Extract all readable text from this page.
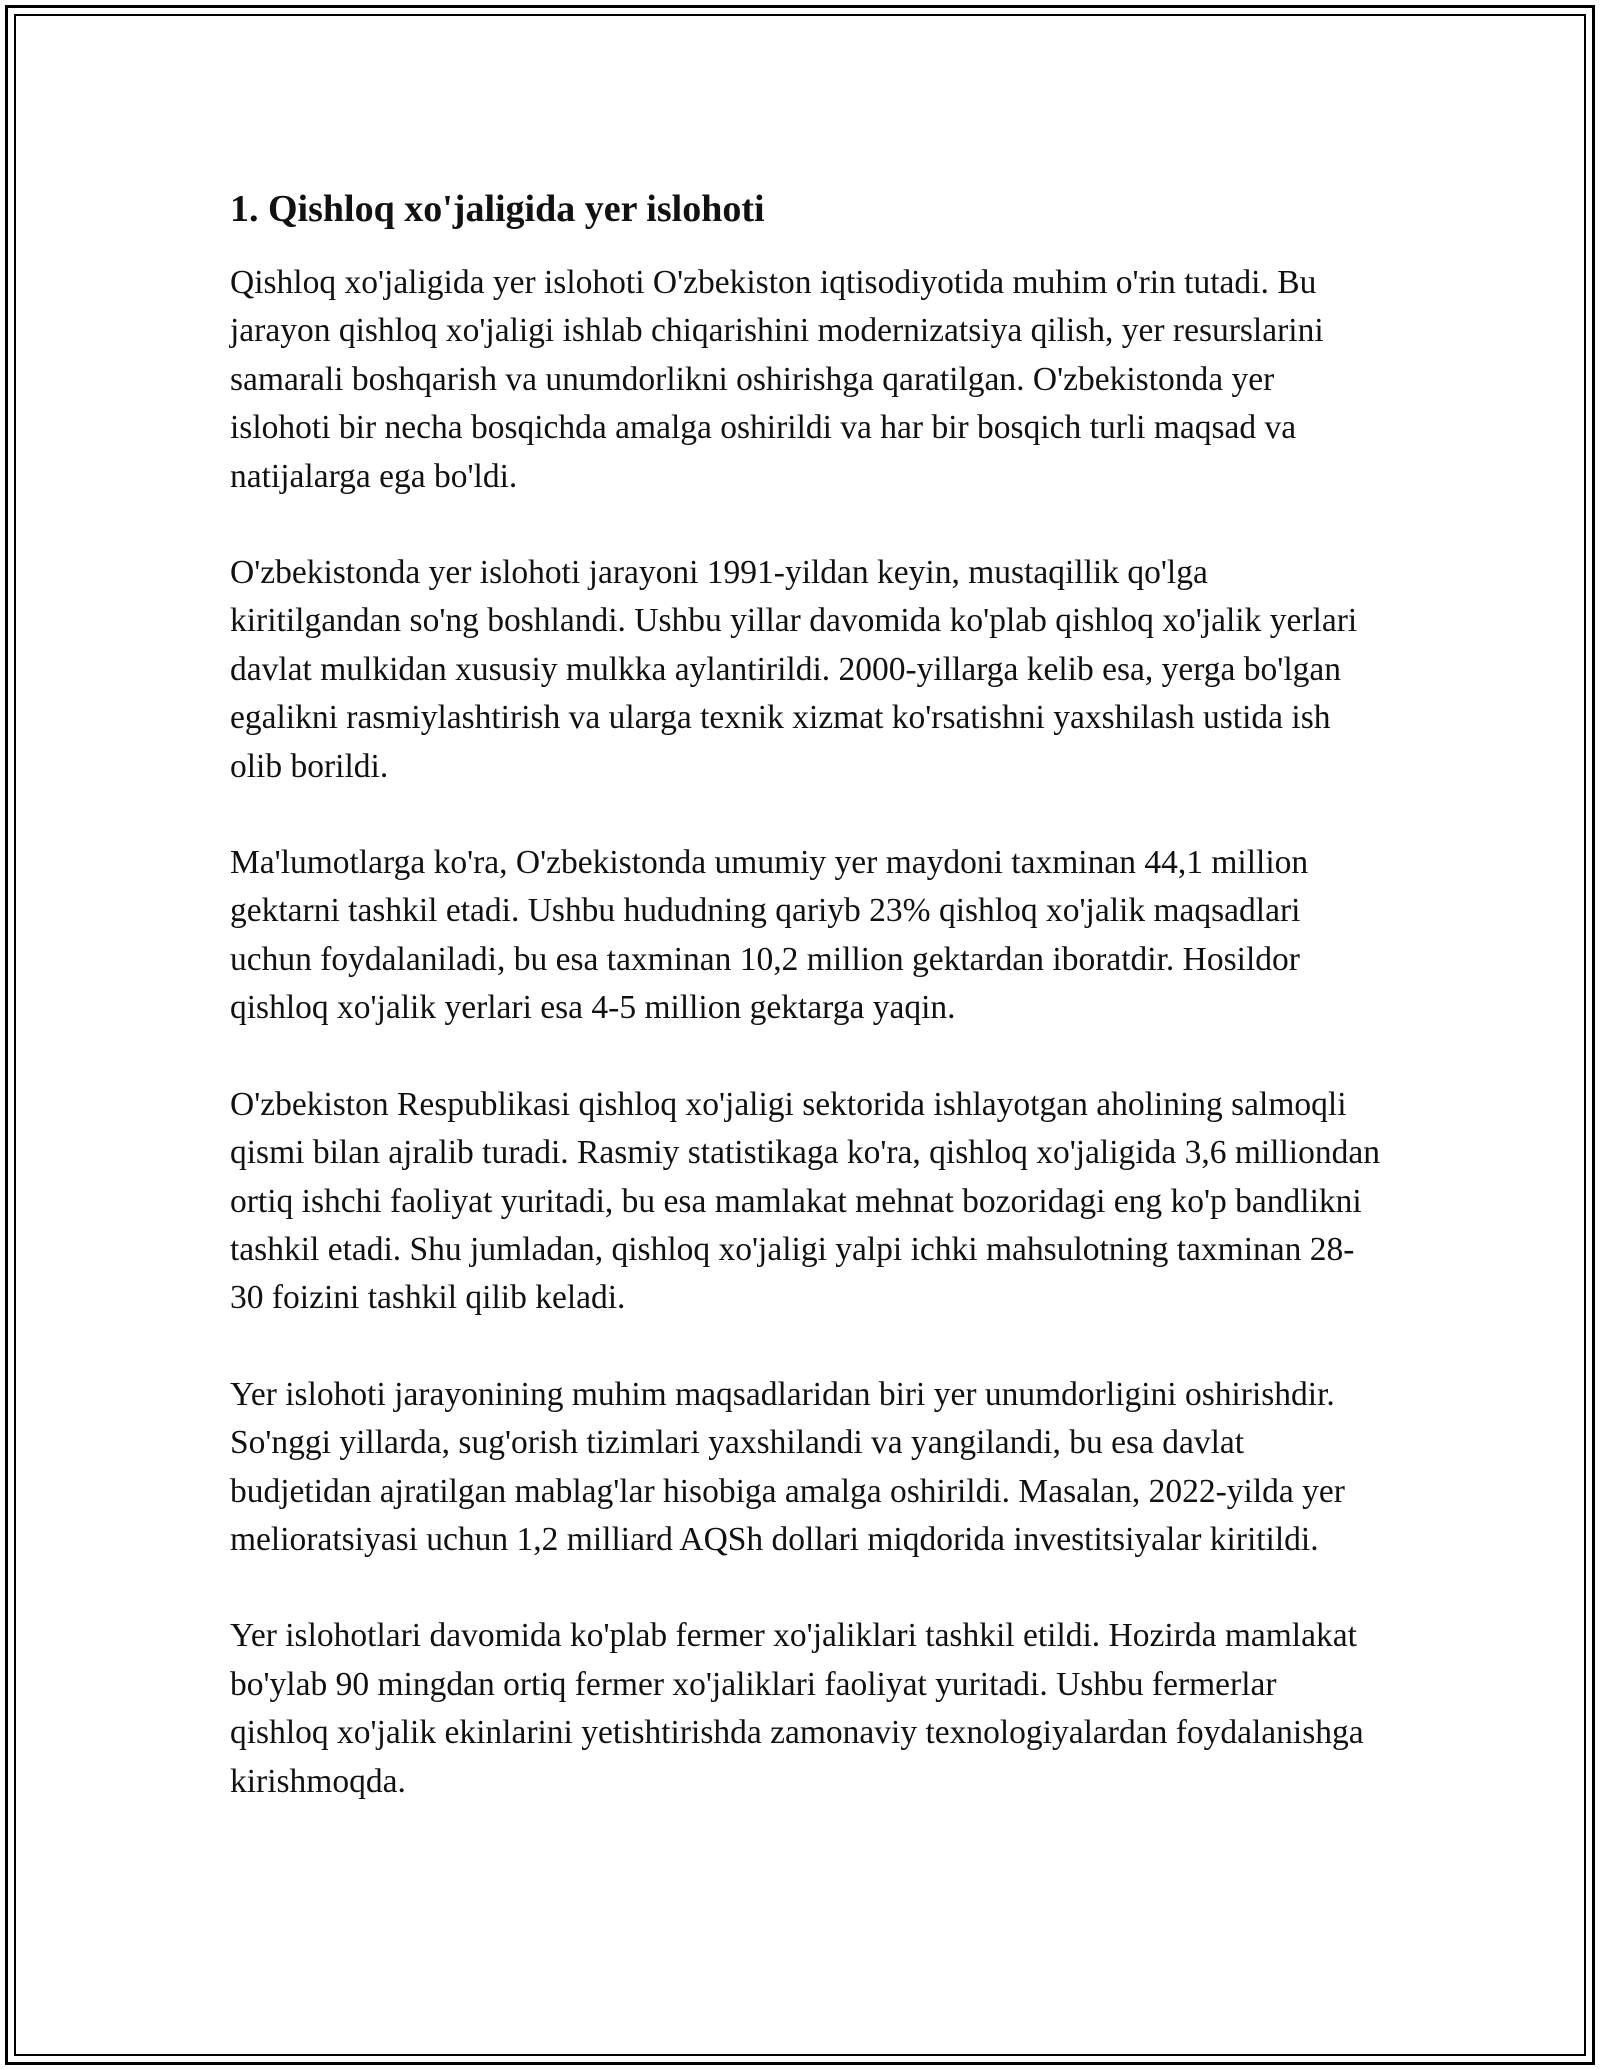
1. Qishloq xo'jaligida yer islohoti

Qishloq xo'jaligida yer islohoti O'zbekiston iqtisodiyotida muhim o'rin tutadi. Bu jarayon qishloq xo'jaligi ishlab chiqarishini modernizatsiya qilish, yer resurslarini samarali boshqarish va unumdorlikni oshirishga qaratilgan. O'zbekistonda yer islohoti bir necha bosqichda amalga oshirildi va har bir bosqich turli maqsad va natijalarga ega bo'ldi.

O'zbekistonda yer islohoti jarayoni 1991-yildan keyin, mustaqillik qo'lga kiritilgandan so'ng boshlandi. Ushbu yillar davomida ko'plab qishloq xo'jalik yerlari davlat mulkidan xususiy mulkka aylantirildi. 2000-yillarga kelib esa, yerga bo'lgan egalikni rasmiylashtirish va ularga texnik xizmat ko'rsatishni yaxshilash ustida ish olib borildi.

Ma'lumotlarga ko'ra, O'zbekistonda umumiy yer maydoni taxminan 44,1 million gektarni tashkil etadi. Ushbu hududning qariyb 23% qishloq xo'jalik maqsadlari uchun foydalaniladi, bu esa taxminan 10,2 million gektardan iboratdir. Hosildor qishloq xo'jalik yerlari esa 4-5 million gektarga yaqin.

O'zbekiston Respublikasi qishloq xo'jaligi sektorida ishlayotgan aholining salmoqli qismi bilan ajralib turadi. Rasmiy statistikaga ko'ra, qishloq xo'jaligida 3,6 milliondan ortiq ishchi faoliyat yuritadi, bu esa mamlakat mehnat bozoridagi eng ko'p bandlikni tashkil etadi. Shu jumladan, qishloq xo'jaligi yalpi ichki mahsulotning taxminan 28-30 foizini tashkil qilib keladi.

Yer islohoti jarayonining muhim maqsadlaridan biri yer unumdorligini oshirishdir. So'nggi yillarda, sug'orish tizimlari yaxshilandi va yangilandi, bu esa davlat budjetidan ajratilgan mablag'lar hisobiga amalga oshirildi. Masalan, 2022-yilda yer melioratsiyasi uchun 1,2 milliard AQSh dollari miqdorida investitsiyalar kiritildi.

Yer islohotlari davomida ko'plab fermer xo'jaliklari tashkil etildi. Hozirda mamlakat bo'ylab 90 mingdan ortiq fermer xo'jaliklari faoliyat yuritadi. Ushbu fermerlar qishloq xo'jalik ekinlarini yetishtirishda zamonaviy texnologiyalardan foydalanishga kirishmoqda.
